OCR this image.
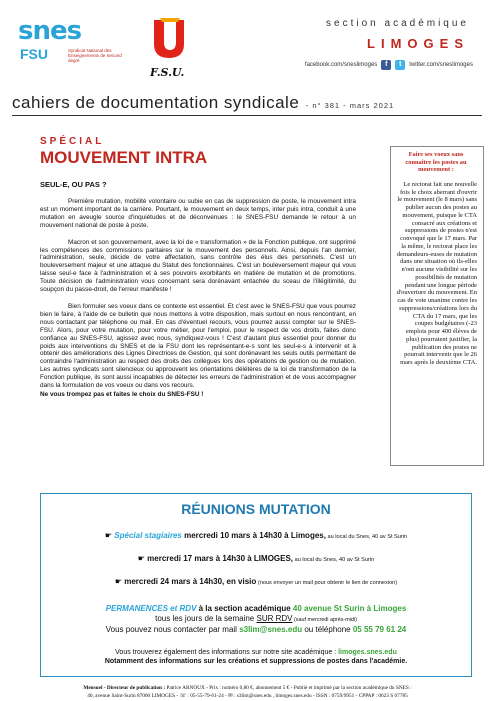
snes
FSU	Syndicat National des Enseignements de Second degré
F.S.U.
section académique
LIMOGES
facebook.com/sneslimoges	f	t	twitter.com/sneslimoges
cahiers de documentation syndicale - n° 381 - mars 2021
SPÉCIAL
MOUVEMENT INTRA
SEUL-E, OU PAS ?

Première mutation, mobilité volontaire ou subie en cas de suppression de poste, le mouvement intra est un moment important de la carrière. Pourtant, le mouvement en deux temps, inter puis intra, conduit à une mutation en aveugle source d'inquiétudes et de déconvenues : le SNES-FSU demande le retour à un mouvement national de poste à poste.

Macron et son gouvernement, avec la loi de « transformation » de la Fonction publique, ont supprimé les compétences des commissions paritaires sur le mouvement des personnels. Ainsi, depuis l'an dernier, l'administration, seule, décide de votre affectation, sans contrôle des élus des personnels. C'est un bouleversement majeur et une attaque du Statut des fonctionnaires. C'est un bouleversement majeur qui vous laisse seul-e face à l'administration et à ses pouvoirs exorbitants en matière de mutation et de promotions. Toute décision de l'administration vous concernant sera dorénavant entachée du sceau de l'illégitimité, du soupçon du passe-droit, de l'erreur manifeste !

Bien formuler ses voeux dans ce contexte est essentiel. Et c'est avec le SNES-FSU que vous pourrez bien le faire, à l'aide de ce bulletin que nous mettons à votre disposition, mais surtout en nous rencontrant, en nous contactant par téléphone ou mail. En cas d'éventuel recours, vous pourrez aussi compter sur le SNES-FSU. Alors, pour votre mutation, pour votre métier, pour l'emploi, pour le respect de vos droits, faites donc confiance au SNES-FSU, agissez avec nous, syndiquez-vous ! C'est d'autant plus essentiel pour donner du poids aux interventions du SNES et de la FSU dont les représentant-e-s sont les seul-e-s à intervenir et à obtenir des améliorations des Lignes Directrices de Gestion, qui sont dorénavant les seuls outils permettant de contraindre l'administration au respect des droits des collègues lors des opérations de gestion ou de mutation. Les autres syndicats sont silencieux ou approuvent les orientations délétères de la loi de transformation de la Fonction publique, ils sont aussi incapables de détecter les erreurs de l'administration et de vous accompagner dans la formulation de vos voeux ou dans vos recours.

Ne vous trompez pas et faites le choix du SNES-FSU !
Faire ses voeux sans connaître les postes au mouvement :
Le rectorat fait une nouvelle fois le choix aberrant d'ouvrir le mouvement (le 8 mars) sans publier aucun des postes au mouvement, puisque le CTA consacré aux créations et suppressions de postes n'est convoqué que le 17 mars. Par la même, le rectorat place les demandeurs-euses de mutation dans une situation où ils-elles n'ont aucune visibilité sur les possibilités de mutation pendant une longue période d'ouverture du mouvement. En cas de vote unanime contre les suppressions/créations lors du CTA du 17 mars, que les coupes budgétaires (-23 emplois pour 400 élèves de plus) pourraient justifier, la publication des postes ne pourrait intervenir que le 26 mars après le deuxième CTA.
RÉUNIONS MUTATION
☛ Spécial stagiaires mercredi 10 mars à 14h30 à Limoges, au local du Snes, 40 av St Surin
☛ mercredi 17 mars à 14h30 à LIMOGES, au local du Snes, 40 av St Surin
☛ mercredi 24 mars à 14h30, en visio (nous envoyer un mail pour obtenir le lien de connexion)
PERMANENCES et RDV à la section académique 40 avenue St Surin à Limoges
tous les jours de la semaine SUR RDV (sauf mercredi après-midi)
Vous pouvez nous contacter par mail s3lim@snes.edu ou téléphone 05 55 79 61 24
Vous trouverez également des informations sur notre site académique : limoges.snes.edu
Notamment des informations sur les créations et suppressions de postes dans l'académie.
Mensuel - Directeur de publication : Patrice ARNOUX - Prix : numéro 0,80 €, abonnement 5 € - Publié et imprimé par la section académique du SNES :
40, avenue Saint-Surin 87000 LIMOGES - ☏ : 05-55-79-61-24 - ✉ : s3lim@snes.edu , limoges.snes.edu - ISSN : 0759/9951 - CPPAP : 0623 S 07785
